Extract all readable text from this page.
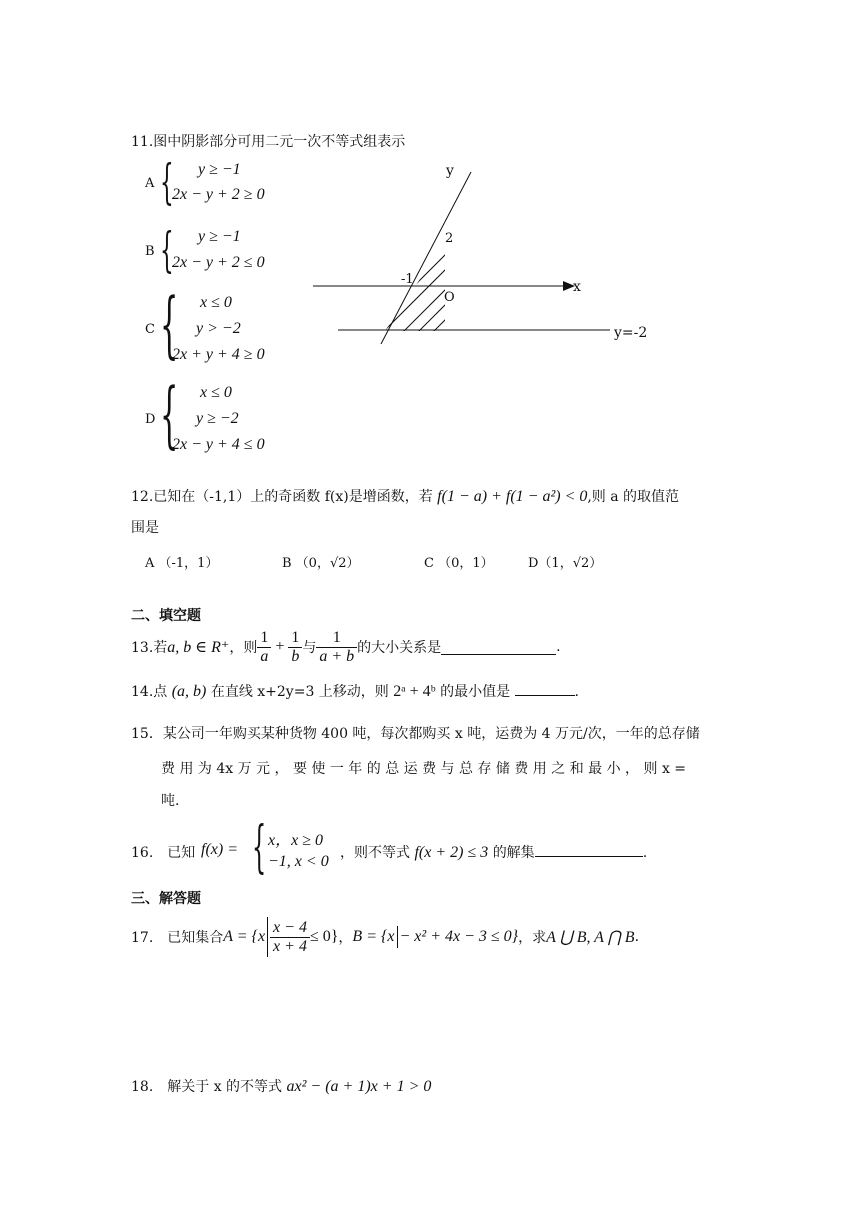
11.图中阴影部分可用二元一次不等式组表示
A { y ≥ −1
2x − y + 2 ≥ 0
B { y ≥ −1
2x − y + 2 ≤ 0
C { x ≤ 0
y > −2
2x + y + 4 ≥ 0
D { x ≤ 0
y ≥ −2
2x − y + 4 ≤ 0
y
x
2
-1
O
y=-2
12.已知在（-1,1）上的奇函数 f(x)是增函数，若 f(1 − a) + f(1 − a²) < 0,则 a 的取值范
围是
A （-1，1）	B （0，√2）	C （0，1）	D（1，√2）
二、填空题
13.若 a, b ∈ R⁺ ，则 $\frac{1}{a} + \frac{1}{b}$ 与 $\frac{1}{a + b}$ 的大小关系是	.
14.点 (a, b) 在直线 x+2y=3 上移动，则 2ᵃ + 4ᵇ 的最小值是	.
15．某公司一年购买某种货物 400 吨，每次都购买 x 吨，运费为 4 万元/次，一年的总存储
费 用 为 4x 万 元 ， 要 使 一 年 的 总 运 费 与 总 存 储 费 用 之 和 最 小 ， 则 x =
吨.
16.　已知 f(x) = { x，x ≥ 0
−1, x < 0 ，则不等式 f(x + 2) ≤ 3 的解集	.
三、解答题
17.　已知集合 $A = \{x \frac{x - 4}{x + 4} \le 0\}$ ， B = {x − x² + 4x − 3 ≤ 0} ，求 A ⋃ B, A ⋂ B .
18.　解关于 x 的不等式 ax² − (a + 1)x + 1 > 0
